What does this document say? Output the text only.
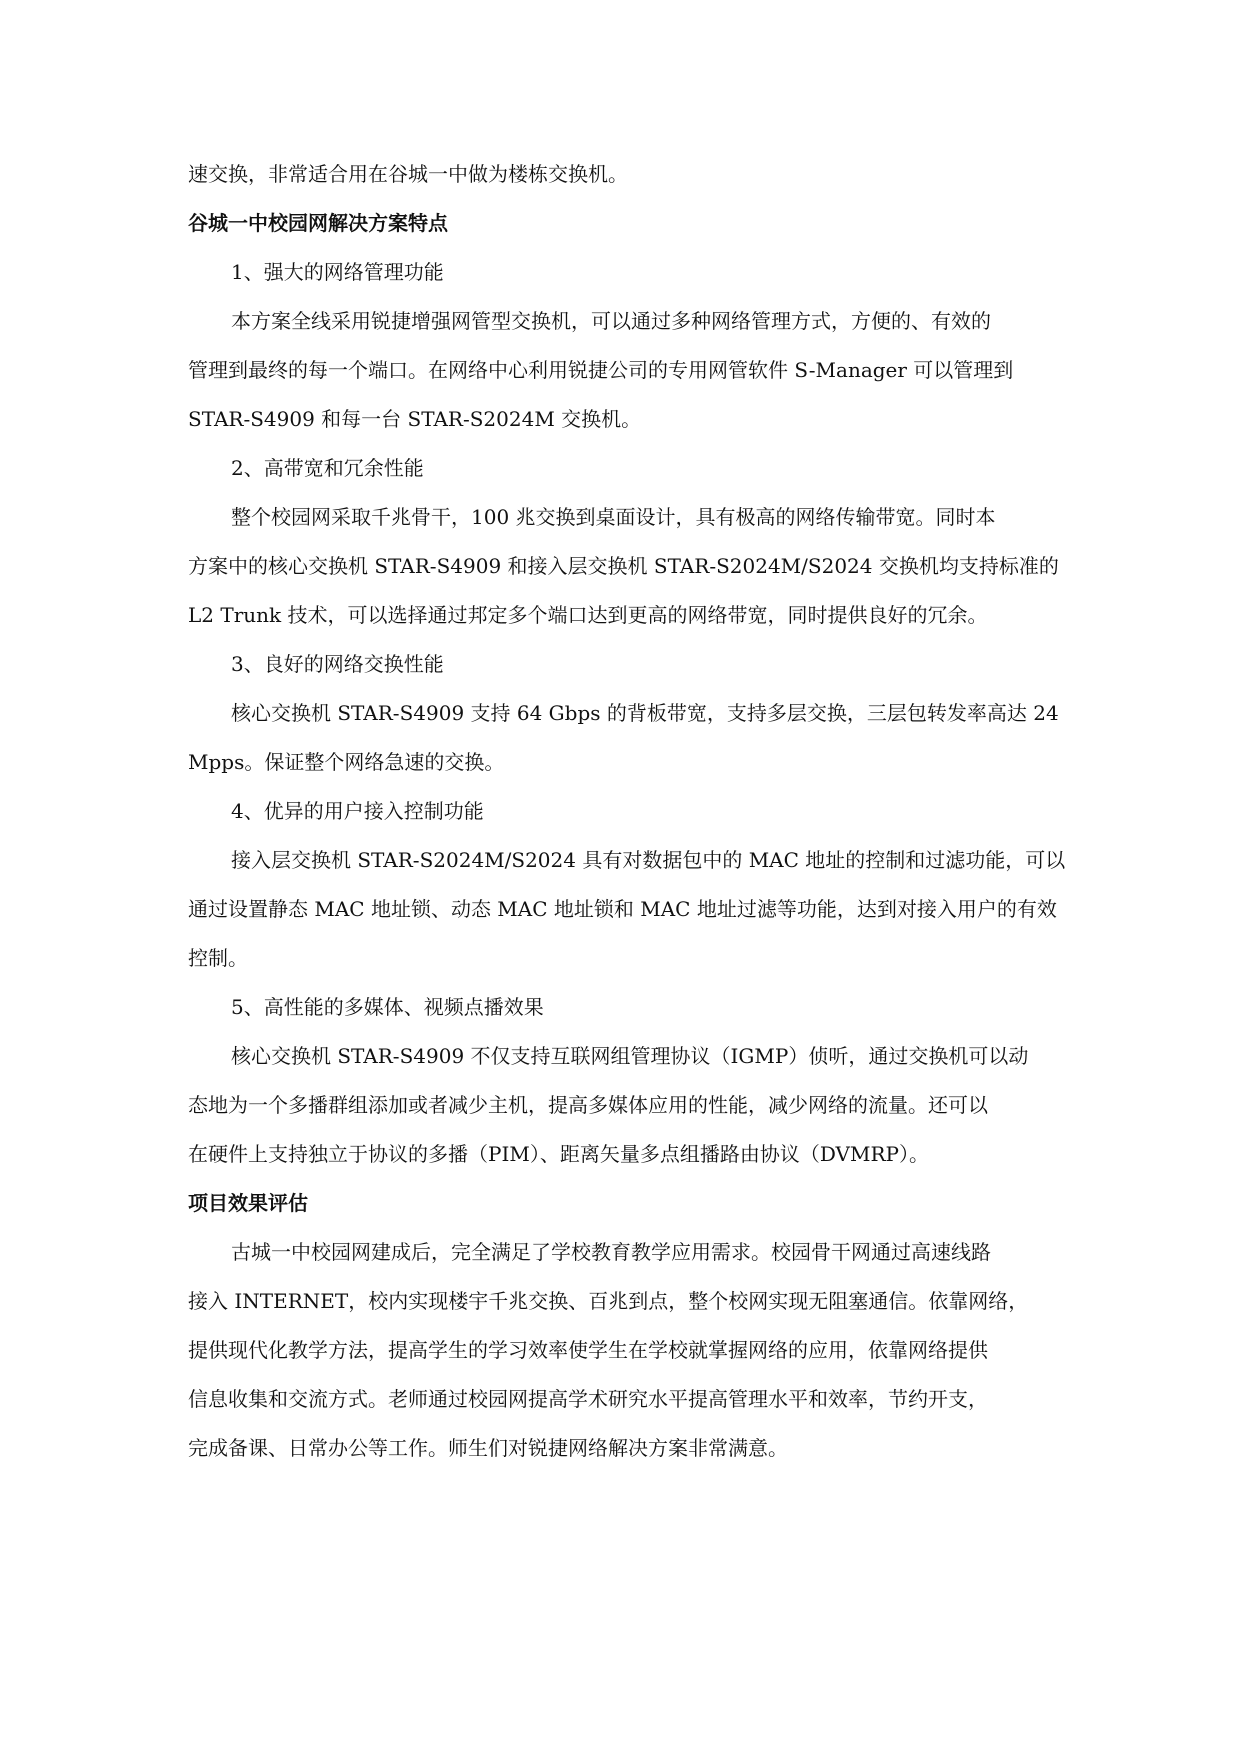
速交换，非常适合用在谷城一中做为楼栋交换机。

谷城一中校园网解决方案特点

1、强大的网络管理功能

本方案全线采用锐捷增强网管型交换机，可以通过多种网络管理方式，方便的、有效的

管理到最终的每一个端口。在网络中心利用锐捷公司的专用网管软件 S-Manager 可以管理到

STAR-S4909 和每一台 STAR-S2024M 交换机。

2、高带宽和冗余性能

整个校园网采取千兆骨干，100 兆交换到桌面设计，具有极高的网络传输带宽。同时本

方案中的核心交换机 STAR-S4909 和接入层交换机 STAR-S2024M/S2024 交换机均支持标准的

L2 Trunk 技术，可以选择通过邦定多个端口达到更高的网络带宽，同时提供良好的冗余。

3、良好的网络交换性能

核心交换机 STAR-S4909 支持 64 Gbps 的背板带宽，支持多层交换，三层包转发率高达 24

Mpps。保证整个网络急速的交换。

4、优异的用户接入控制功能

接入层交换机 STAR-S2024M/S2024 具有对数据包中的 MAC 地址的控制和过滤功能，可以

通过设置静态 MAC 地址锁、动态 MAC 地址锁和 MAC 地址过滤等功能，达到对接入用户的有效

控制。

5、高性能的多媒体、视频点播效果

核心交换机 STAR-S4909 不仅支持互联网组管理协议（IGMP）侦听，通过交换机可以动

态地为一个多播群组添加或者减少主机，提高多媒体应用的性能，减少网络的流量。还可以

在硬件上支持独立于协议的多播（PIM）、距离矢量多点组播路由协议（DVMRP）。

项目效果评估

古城一中校园网建成后，完全满足了学校教育教学应用需求。校园骨干网通过高速线路

接入 INTERNET，校内实现楼宇千兆交换、百兆到点，整个校网实现无阻塞通信。依靠网络，

提供现代化教学方法，提高学生的学习效率使学生在学校就掌握网络的应用，依靠网络提供

信息收集和交流方式。老师通过校园网提高学术研究水平提高管理水平和效率，节约开支，

完成备课、日常办公等工作。师生们对锐捷网络解决方案非常满意。
